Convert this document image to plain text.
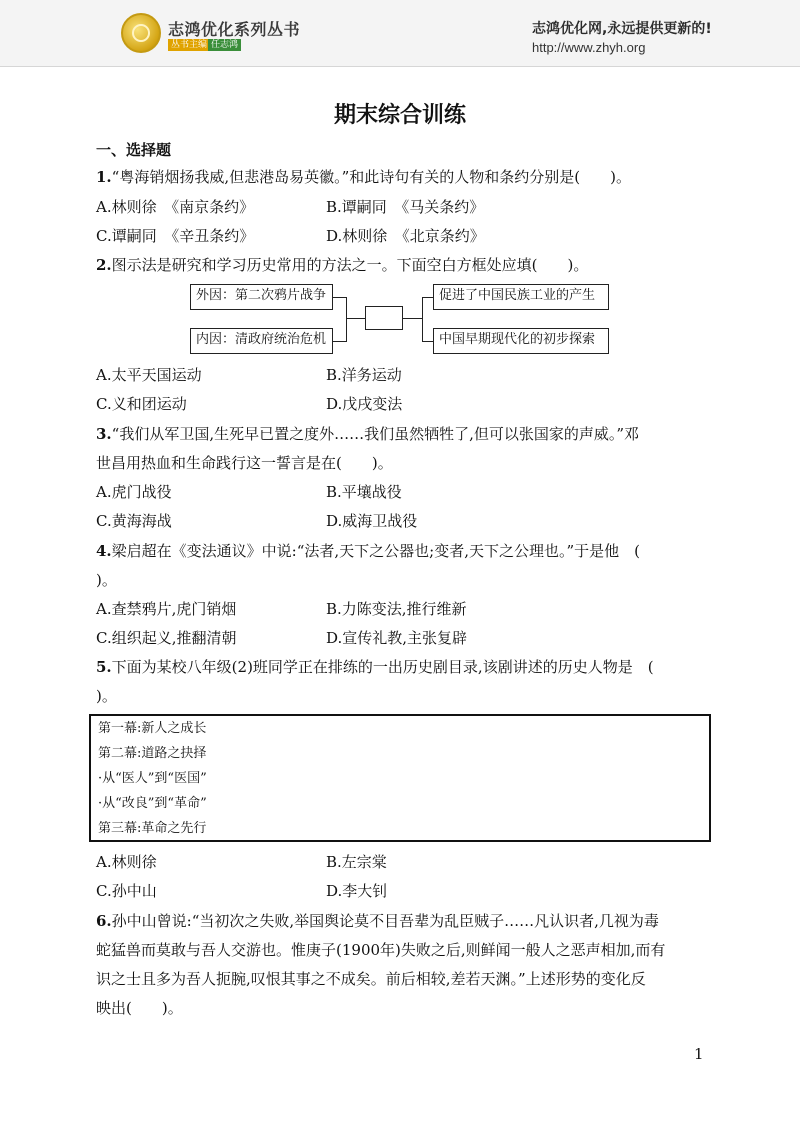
志鸿优化系列丛书
丛书主编 任志鸿
志鸿优化网,永远提供更新的!
http://www.zhyh.org
期末综合训练
一、选择题
1.“粤海销烟扬我威,但悲港岛易英徽。”和此诗句有关的人物和条约分别是(　　)。
A.林则徐　《南京条约》	B.谭嗣同　《马关条约》
C.谭嗣同　《辛丑条约》	D.林则徐　《北京条约》
2.图示法是研究和学习历史常用的方法之一。下面空白方框处应填(　　)。
外因：第二次鸦片战争
内因：清政府统治危机
促进了中国民族工业的产生
中国早期现代化的初步探索
A.太平天国运动	B.洋务运动
C.义和团运动	D.戊戌变法
3.“我们从军卫国,生死早已置之度外……我们虽然牺牲了,但可以张国家的声威。”邓
世昌用热血和生命践行这一誓言是在(　　)。
A.虎门战役	B.平壤战役
C.黄海海战	D.威海卫战役
4.梁启超在《变法通议》中说:“法者,天下之公器也;变者,天下之公理也。”于是他　(
)。
A.查禁鸦片,虎门销烟	B.力陈变法,推行维新
C.组织起义,推翻清朝	D.宣传礼教,主张复辟
5.下面为某校八年级(2)班同学正在排练的一出历史剧目录,该剧讲述的历史人物是　(
)。
第一幕:新人之成长
第二幕:道路之抉择
·从“医人”到“医国”
·从“改良”到“革命”
第三幕:革命之先行
A.林则徐	B.左宗棠
C.孙中山	D.李大钊
6.孙中山曾说:“当初次之失败,举国舆论莫不目吾辈为乱臣贼子……凡认识者,几视为毒
蛇猛兽而莫敢与吾人交游也。惟庚子(1900年)失败之后,则鲜闻一般人之恶声相加,而有
识之士且多为吾人扼腕,叹恨其事之不成矣。前后相较,差若天渊。”上述形势的变化反
映出(　　)。
1
